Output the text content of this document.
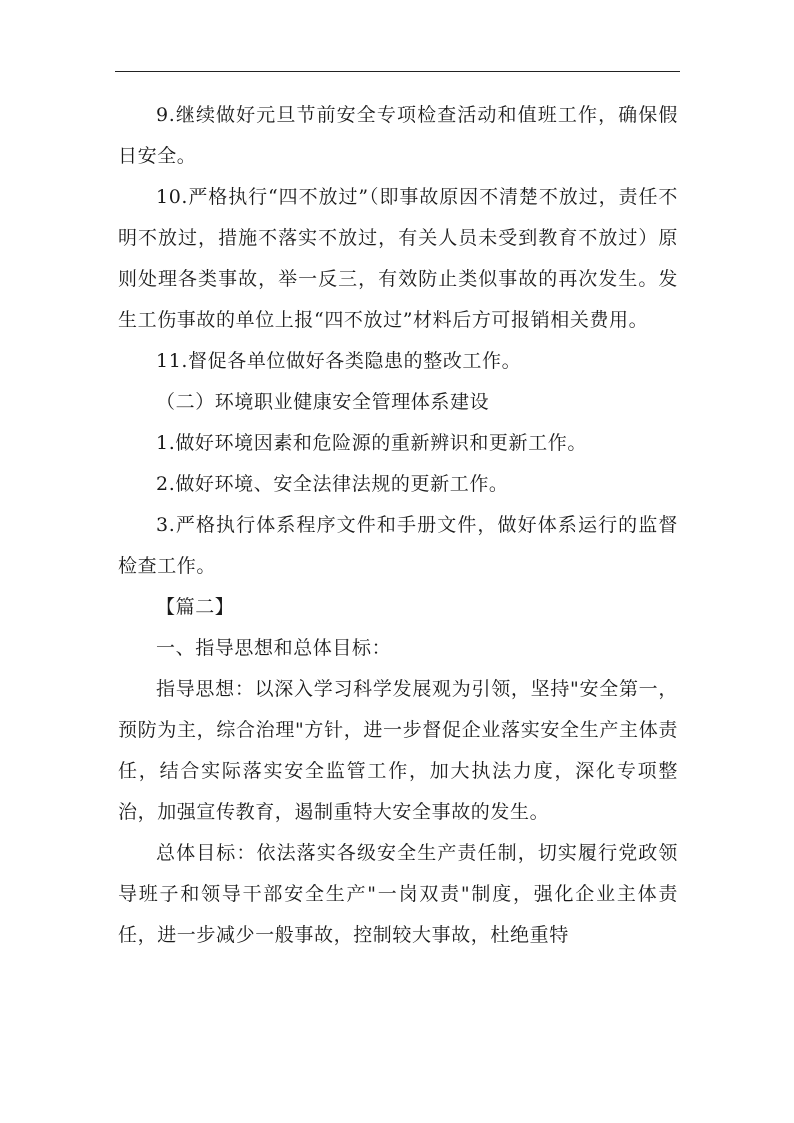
9.继续做好元旦节前安全专项检查活动和值班工作，确保假日安全。

10.严格执行“四不放过”（即事故原因不清楚不放过，责任不明不放过，措施不落实不放过，有关人员未受到教育不放过）原则处理各类事故，举一反三，有效防止类似事故的再次发生。发生工伤事故的单位上报“四不放过”材料后方可报销相关费用。

11.督促各单位做好各类隐患的整改工作。

（二）环境职业健康安全管理体系建设

1.做好环境因素和危险源的重新辨识和更新工作。

2.做好环境、安全法律法规的更新工作。

3.严格执行体系程序文件和手册文件，做好体系运行的监督检查工作。

【篇二】

一、指导思想和总体目标：

指导思想：以深入学习科学发展观为引领，坚持"安全第一，预防为主，综合治理"方针，进一步督促企业落实安全生产主体责任，结合实际落实安全监管工作，加大执法力度，深化专项整治，加强宣传教育，遏制重特大安全事故的发生。

总体目标：依法落实各级安全生产责任制，切实履行党政领导班子和领导干部安全生产"一岗双责"制度，强化企业主体责任，进一步减少一般事故，控制较大事故，杜绝重特
